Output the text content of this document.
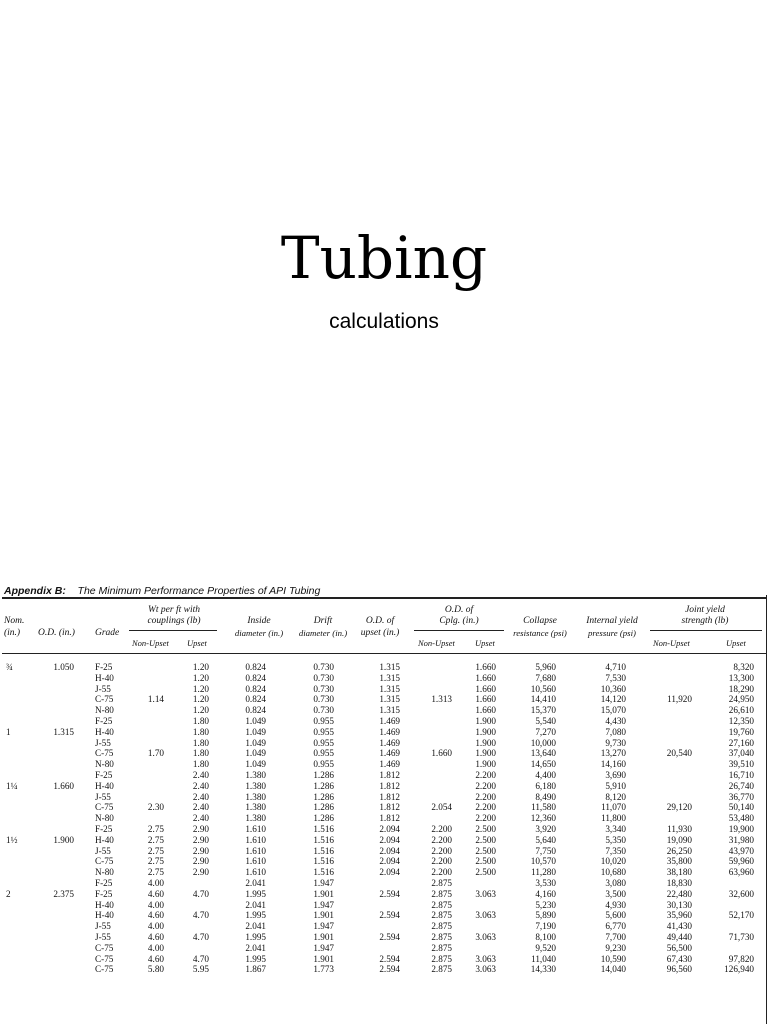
Tubing
calculations
Appendix B: The Minimum Performance Properties of API Tubing
Nom.
(in.) O.D. (in.) Grade
Wt per ft with
couplings (lb)
Non-Upset Upset
Inside
diameter (in.)
Drift
diameter (in.)
O.D. of
upset (in.)
O.D. of
Cplg. (in.)
Non-Upset Upset
Collapse
resistance (psi)
Internal yield
pressure (psi)
Joint yield
strength (lb)
Non-Upset	Upset
¾

1

1¼

1½

2
1.050

1.315

1.660

1.900

2.375
F-25
H-40
J-55
C-75
N-80
F-25
H-40
J-55
C-75
N-80
F-25
H-40
J-55
C-75
N-80
F-25
H-40
J-55
C-75
N-80
F-25
F-25
H-40
H-40
J-55
J-55
C-75
C-75
C-75

1.14

1.70

2.30

2.75
2.75
2.75
2.75
2.75
4.00
4.60
4.00
4.60
4.00
4.60
4.00
4.60
5.80
1.20
1.20
1.20
1.20
1.20
1.80
1.80
1.80
1.80
1.80
2.40
2.40
2.40
2.40
2.40
2.90
2.90
2.90
2.90
2.90

4.70

4.70

4.70

4.70
5.95
0.824
0.824
0.824
0.824
0.824
1.049
1.049
1.049
1.049
1.049
1.380
1.380
1.380
1.380
1.380
1.610
1.610
1.610
1.610
1.610
2.041
1.995
2.041
1.995
2.041
1.995
2.041
1.995
1.867
0.730
0.730
0.730
0.730
0.730
0.955
0.955
0.955
0.955
0.955
1.286
1.286
1.286
1.286
1.286
1.516
1.516
1.516
1.516
1.516
1.947
1.901
1.947
1.901
1.947
1.901
1.947
1.901
1.773
1.315
1.315
1.315
1.315
1.315
1.469
1.469
1.469
1.469
1.469
1.812
1.812
1.812
1.812
1.812
2.094
2.094
2.094
2.094
2.094

2.594

2.594

2.594

2.594
2.594

1.313

1.660

2.054

2.200
2.200
2.200
2.200
2.200
2.875
2.875
2.875
2.875
2.875
2.875
2.875
2.875
2.875
1.660
1.660
1.660
1.660
1.660
1.900
1.900
1.900
1.900
1.900
2.200
2.200
2.200
2.200
2.200
2.500
2.500
2.500
2.500
2.500

3.063

3.063

3.063

3.063
3.063
5,960
7,680
10,560
14,410
15,370
5,540
7,270
10,000
13,640
14,650
4,400
6,180
8,490
11,580
12,360
3,920
5,640
7,750
10,570
11,280
3,530
4,160
5,230
5,890
7,190
8,100
9,520
11,040
14,330
4,710
7,530
10,360
14,120
15,070
4,430
7,080
9,730
13,270
14,160
3,690
5,910
8,120
11,070
11,800
3,340
5,350
7,350
10,020
10,680
3,080
3,500
4,930
5,600
6,770
7,700
9,230
10,590
14,040

11,920

20,540

29,120

11,930
19,090
26,250
35,800
38,180
18,830
22,480
30,130
35,960
41,430
49,440
56,500
67,430
96,560
8,320
13,300
18,290
24,950
26,610
12,350
19,760
27,160
37,040
39,510
16,710
26,740
36,770
50,140
53,480
19,900
31,980
43,970
59,960
63,960

32,600

52,170

71,730

97,820
126,940
